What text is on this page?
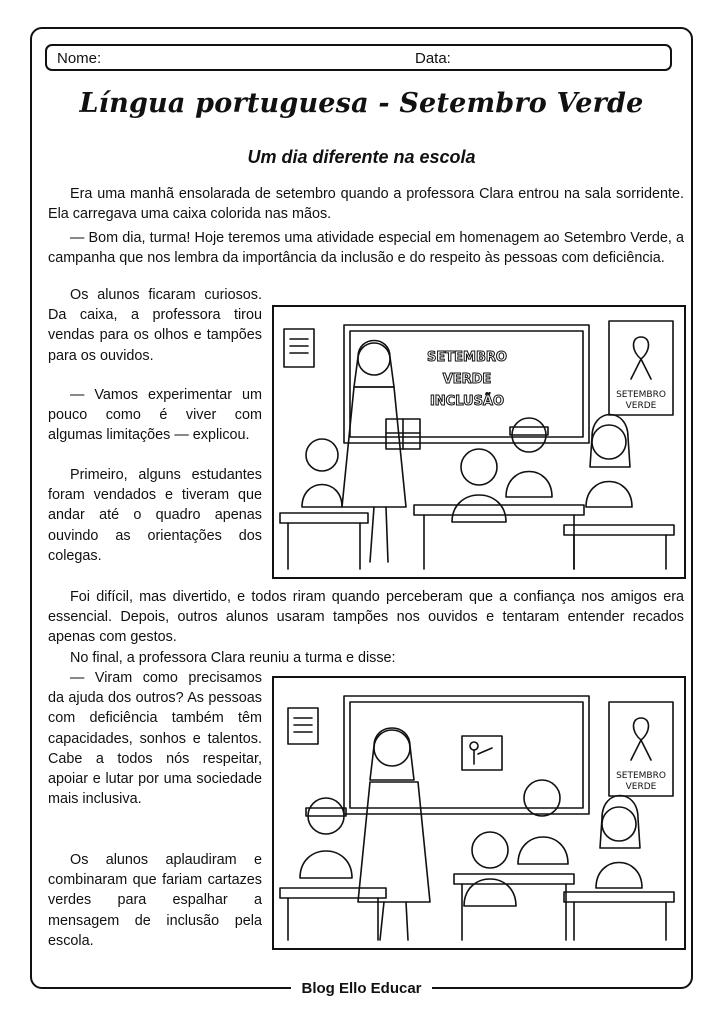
Nome:	Data:
Língua portuguesa - Setembro Verde
Um dia diferente na escola

Era uma manhã ensolarada de setembro quando a professora Clara entrou na sala sorridente. Ela carregava uma caixa colorida nas mãos.

— Bom dia, turma! Hoje teremos uma atividade especial em homenagem ao Setembro Verde, a campanha que nos lembra da importância da inclusão e do respeito às pessoas com deficiência.

Os alunos ficaram curiosos. Da caixa, a professora tirou vendas para os olhos e tampões para os ouvidos.

— Vamos experimentar um pouco como é viver com algumas limitações — explicou.

Primeiro, alguns estudantes foram vendados e tiveram que andar até o quadro apenas ouvindo as orientações dos colegas.

Foi difícil, mas divertido, e todos riram quando perceberam que a confiança nos amigos era essencial. Depois, outros alunos usaram tampões nos ouvidos e tentaram entender recados apenas com gestos.

No final, a professora Clara reuniu a turma e disse:

— Viram como precisamos da ajuda dos outros? As pessoas com deficiência também têm capacidades, sonhos e talentos. Cabe a todos nós respeitar, apoiar e lutar por uma sociedade mais inclusiva.

Os alunos aplaudiram e combinaram que fariam cartazes verdes para espalhar a mensagem de inclusão pela escola.

SETEMBRO
VERDE
INCLUSÃO	SETEMBRO
VERDE
SETEMBRO
VERDE
Blog Ello Educar
